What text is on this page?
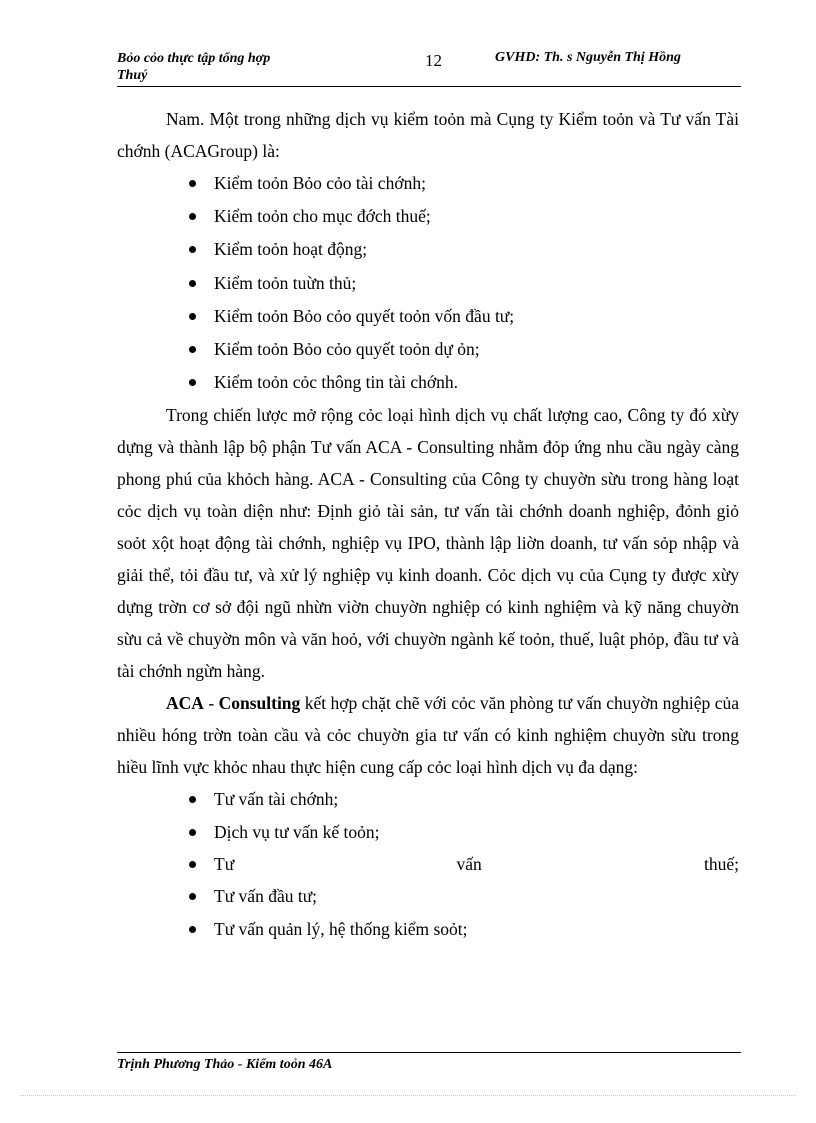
Bỏo cỏo thực tập tổng hợp
Thuý
12	GVHD: Th. s Nguyễn Thị Hồng

Nam. Một trong những dịch vụ kiểm toỏn mà Cụng ty Kiểm toỏn và Tư vấn Tài chớnh (ACAGroup) là:

Kiểm toỏn Bỏo cỏo tài chớnh;
Kiểm toỏn cho mục đớch thuế;
Kiểm toỏn hoạt động;
Kiểm toỏn tuừn thủ;
Kiểm toỏn Bỏo cỏo quyết toỏn vốn đầu tư;
Kiểm toỏn Bỏo cỏo quyết toỏn dự ỏn;
Kiểm toỏn cỏc thông tin tài chớnh.

Trong chiến lược mở rộng cỏc loại hình dịch vụ chất lượng cao, Công ty đó xừy dựng và thành lập bộ phận Tư vấn ACA - Consulting nhằm đỏp ứng nhu cầu ngày càng phong phú của khỏch hàng. ACA - Consulting của Công ty chuyờn sừu trong hàng loạt cỏc dịch vụ toàn diện như: Định giỏ tài sản, tư vấn tài chớnh doanh nghiệp, đỏnh giỏ soỏt xột hoạt động tài chớnh, nghiệp vụ IPO, thành lập liờn doanh, tư vấn sỏp nhập và giải thể, tỏi đầu tư, và xử lý nghiệp vụ kinh doanh. Cỏc dịch vụ của Cụng ty được xừy dựng trờn cơ sở đội ngũ nhừn viờn chuyờn nghiệp có kinh nghiệm và kỹ năng chuyờn sừu cả về chuyờn môn và văn hoỏ, với chuyờn ngành kế toỏn, thuế, luật phỏp, đầu tư và tài chớnh ngừn hàng.

ACA - Consulting kết hợp chặt chẽ với cỏc văn phòng tư vấn chuyờn nghiệp của nhiều hóng trờn toàn cầu và cỏc chuyờn gia tư vấn có kinh nghiệm chuyờn sừu trong hiều lĩnh vực khỏc nhau thực hiện cung cấp cỏc loại hình dịch vụ đa dạng:

Tư vấn tài chớnh;
Dịch vụ tư vấn kế toỏn;
Tư	vấn	thuế;
Tư vấn đầu tư;
Tư vấn quản lý, hệ thống kiểm soỏt;
Trịnh Phương Thảo - Kiểm toỏn 46A
